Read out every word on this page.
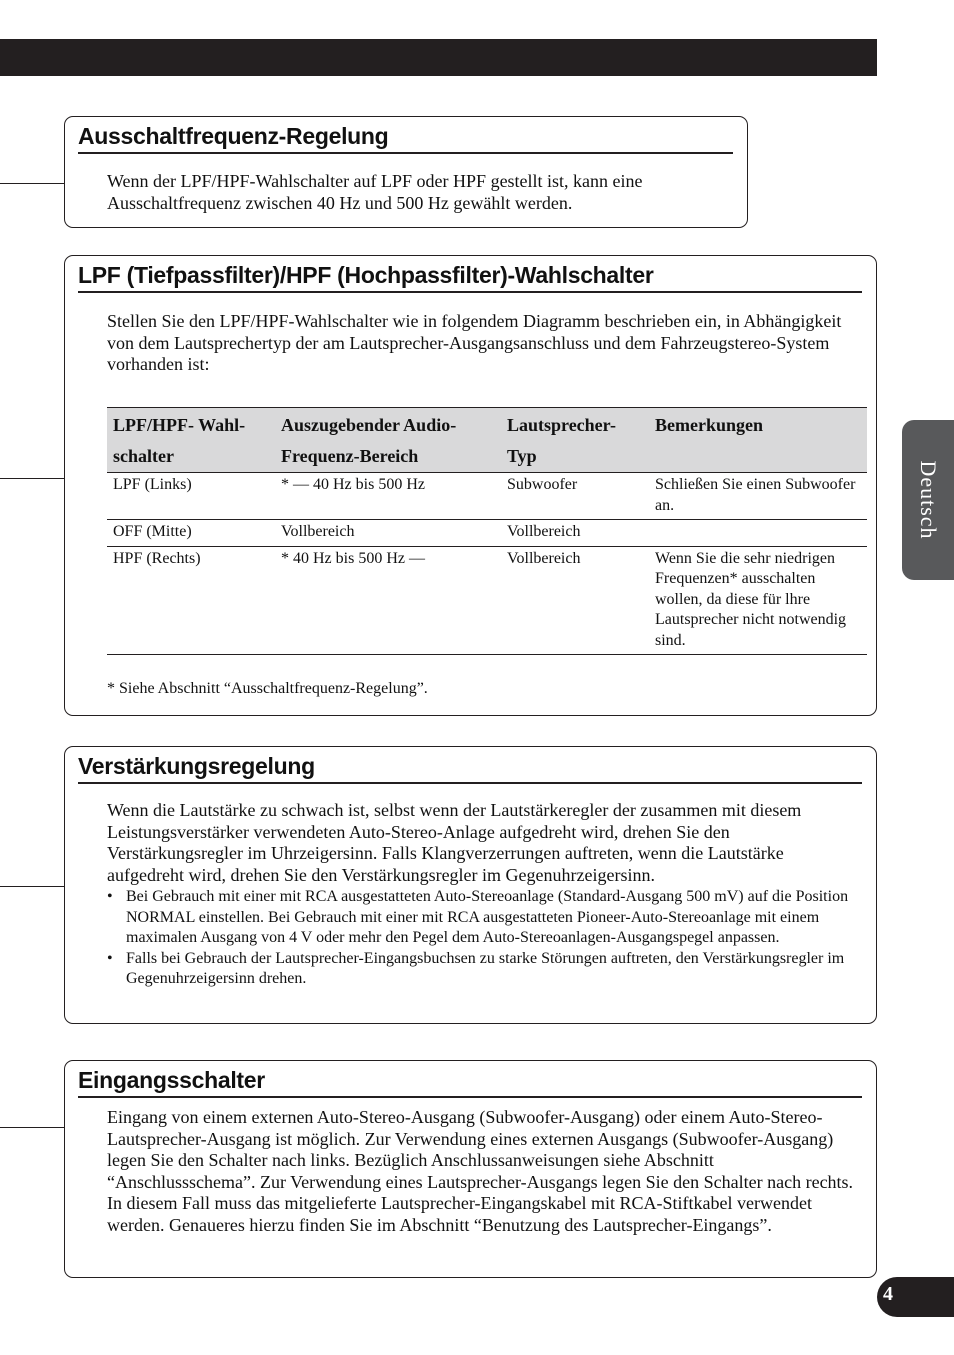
Ausschaltfrequenz-Regelung

Wenn der LPF/HPF-Wahlschalter auf LPF oder HPF gestellt ist, kann eine Ausschaltfrequenz zwischen 40 Hz und 500 Hz gewählt werden.

LPF (Tiefpassfilter)/HPF (Hochpassfilter)-Wahlschalter

Stellen Sie den LPF/HPF-Wahlschalter wie in folgendem Diagramm beschrieben ein, in Abhängigkeit von dem Lautsprechertyp der am Lautsprecher-Ausgangsanschluss und dem Fahrzeugstereo-System vorhanden ist:

LPF/HPF- Wahl-schalter	Auszugebender Audio-Frequenz-Bereich	Lautsprecher-Typ	Bemerkungen
LPF (Links)	* — 40 Hz bis 500 Hz	Subwoofer	Schließen Sie einen Subwoofer an.
OFF (Mitte)	Vollbereich	Vollbereich	
HPF (Rechts)	* 40 Hz bis 500 Hz —	Vollbereich	Wenn Sie die sehr niedrigen Frequenzen* ausschalten wollen, da diese für lhre Lautsprecher nicht notwendig sind.
* Siehe Abschnitt “Ausschaltfrequenz-Regelung”.
Verstärkungsregelung

Wenn die Lautstärke zu schwach ist, selbst wenn der Lautstärkeregler der zusammen mit diesem Leistungsverstärker verwendeten Auto-Stereo-Anlage aufgedreht wird, drehen Sie den Verstärkungsregler im Uhrzeigersinn. Falls Klangverzerrungen auftreten, wenn die Lautstärke aufgedreht wird, drehen Sie den Verstärkungsregler im Gegenuhrzeigersinn.

• Bei Gebrauch mit einer mit RCA ausgestatteten Auto-Stereoanlage (Standard-Ausgang 500 mV) auf die Position NORMAL einstellen. Bei Gebrauch mit einer mit RCA ausgestatteten Pioneer-Auto-Stereoanlage mit einem maximalen Ausgang von 4 V oder mehr den Pegel dem Auto-Stereoanlagen-Ausgangspegel anpassen.
• Falls bei Gebrauch der Lautsprecher-Eingangsbuchsen zu starke Störungen auftreten, den Verstärkungsregler im Gegenuhrzeigersinn drehen.
Eingangsschalter

Eingang von einem externen Auto-Stereo-Ausgang (Subwoofer-Ausgang) oder einem Auto-Stereo-Lautsprecher-Ausgang ist möglich. Zur Verwendung eines externen Ausgangs (Subwoofer-Ausgang) legen Sie den Schalter nach links. Bezüglich Anschlussanweisungen siehe Abschnitt “Anschlussschema”. Zur Verwendung eines Lautsprecher-Ausgangs legen Sie den Schalter nach rechts. In diesem Fall muss das mitgelieferte Lautsprecher-Eingangskabel mit RCA-Stiftkabel verwendet werden. Genaueres hierzu finden Sie im Abschnitt “Benutzung des Lautsprecher-Eingangs”.

Deutsch
4
